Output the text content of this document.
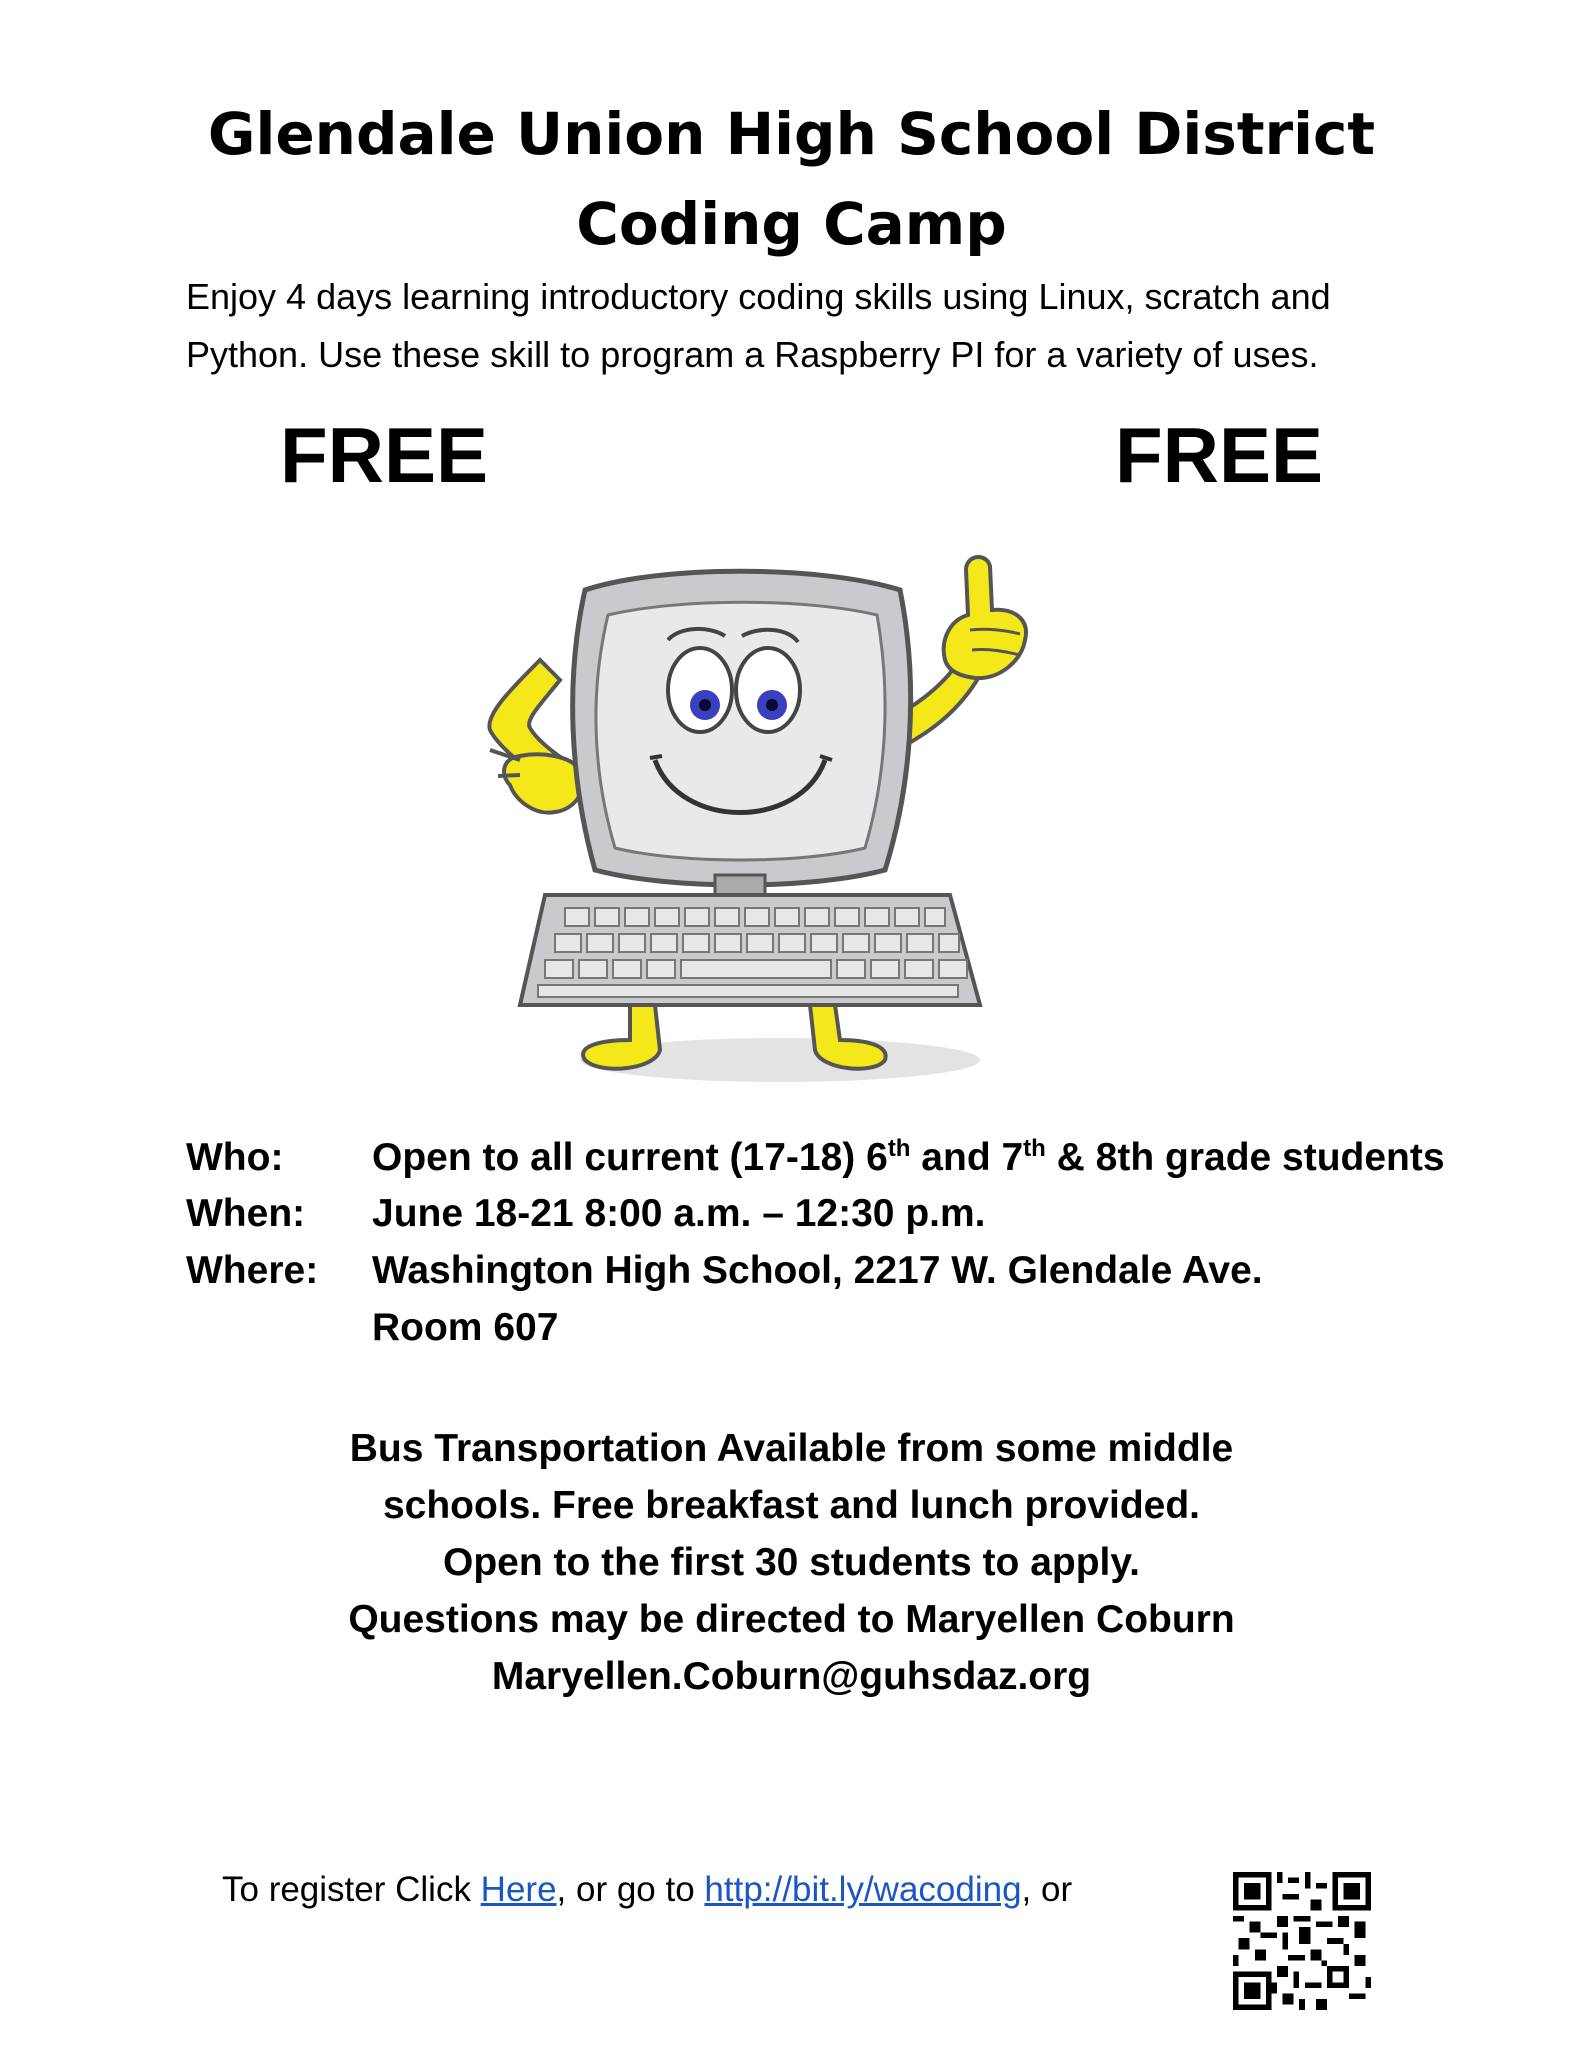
Glendale Union High School District
Coding Camp
Enjoy 4 days learning introductory coding skills using Linux, scratch and
Python. Use these skill to program a Raspberry PI for a variety of uses.
FREE	FREE
Who:	Open to all current (17-18) 6th and 7th & 8th grade students
When:	June 18-21 8:00 a.m. – 12:30 p.m.
Where:	Washington High School, 2217 W. Glendale Ave.
Room 607
Bus Transportation Available from some middle
schools. Free breakfast and lunch provided.
Open to the first 30 students to apply.
Questions may be directed to Maryellen Coburn
Maryellen.Coburn@guhsdaz.org
To register Click Here, or go to http://bit.ly/wacoding, or
